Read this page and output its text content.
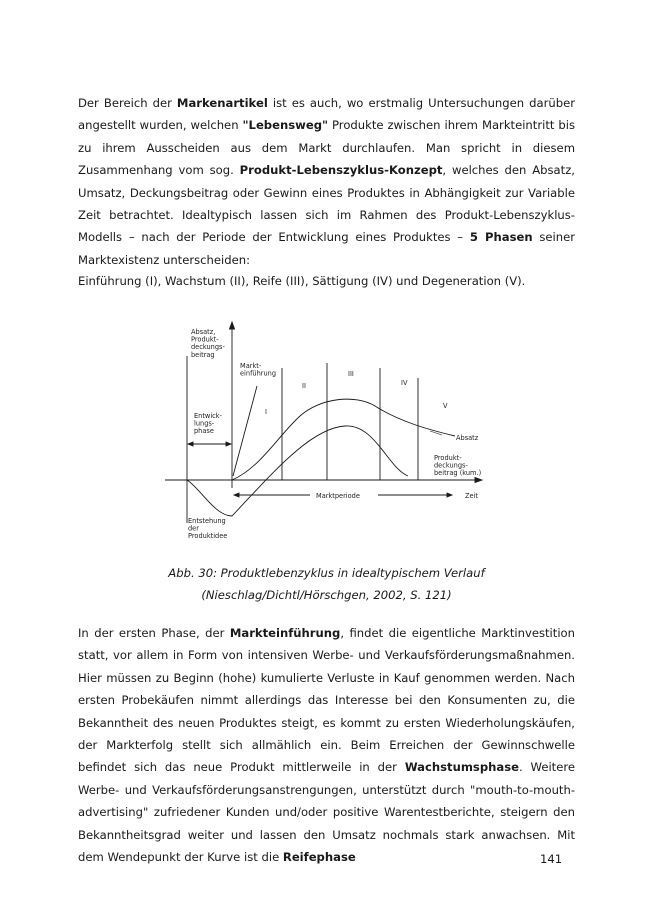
Der Bereich der Markenartikel ist es auch, wo erstmalig Untersuchungen darüber angestellt wurden, welchen "Lebensweg" Produkte zwischen ihrem Markteintritt bis zu ihrem Ausscheiden aus dem Markt durchlaufen. Man spricht in diesem Zusammenhang vom sog. Produkt-Lebenszyklus-Konzept, welches den Absatz, Umsatz, Deckungsbeitrag oder Gewinn eines Produktes in Abhängigkeit zur Variable Zeit betrachtet. Idealtypisch lassen sich im Rahmen des Produkt-Lebenszyklus-Modells – nach der Periode der Entwicklung eines Produktes – 5 Phasen seiner Marktexistenz unterscheiden:

Einführung (I), Wachstum (II), Reife (III), Sättigung (IV) und Degeneration (V).

Absatz,
Produkt-
deckungs-
beitrag
Markt-
einführung
Entwick-
lungs-
phase
I
II
III
IV
V
Absatz
Produkt-
deckungs-
beitrag (kum.)
Marktperiode	Zeit
Entstehung
der
Produktidee

Abb. 30: Produktlebenzyklus in idealtypischem Verlauf

(Nieschlag/Dichtl/Hörschgen, 2002, S. 121)

In der ersten Phase, der Markteinführung, findet die eigentliche Marktinvestition statt, vor allem in Form von intensiven Werbe- und Verkaufsförderungsmaßnahmen. Hier müssen zu Beginn (hohe) kumulierte Verluste in Kauf genommen werden. Nach ersten Probekäufen nimmt allerdings das Interesse bei den Konsumenten zu, die Bekanntheit des neuen Produktes steigt, es kommt zu ersten Wiederholungskäufen, der Markterfolg stellt sich allmählich ein. Beim Erreichen der Gewinnschwelle befindet sich das neue Produkt mittlerweile in der Wachstumsphase. Weitere Werbe- und Verkaufsförderungsanstrengungen, unterstützt durch "mouth-to-mouth-advertising" zufriedener Kunden und/oder positive Warentestberichte, steigern den Bekanntheitsgrad weiter und lassen den Umsatz nochmals stark anwachsen. Mit dem Wendepunkt der Kurve ist die Reifephase	141
